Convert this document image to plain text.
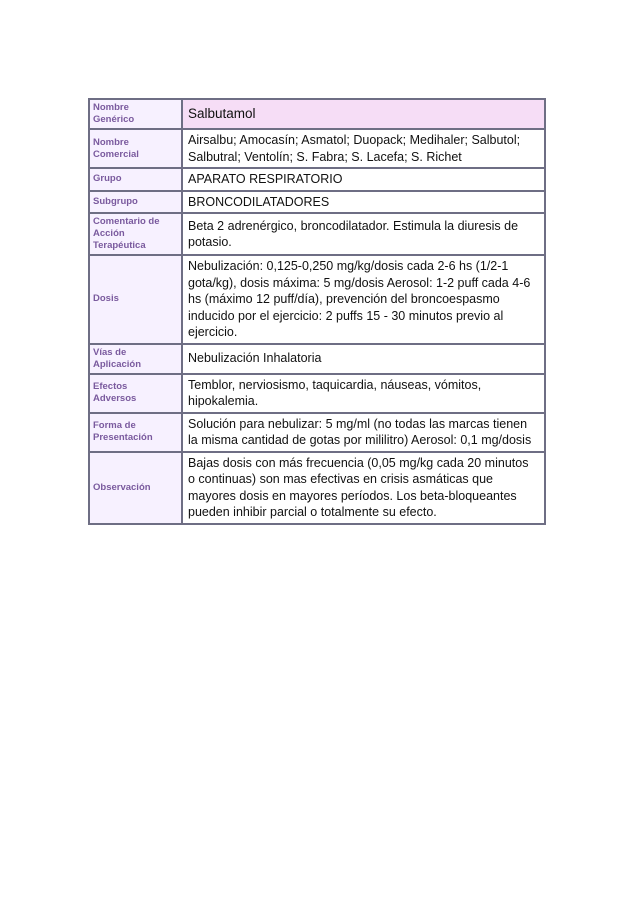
Nombre
Genérico	Salbutamol

Nombre
Comercial	Airsalbu; Amocasín; Asmatol; Duopack; Medihaler; Salbutol;
Salbutral; Ventolín; S. Fabra; S. Lacefa; S. Richet

Grupo	APARATO RESPIRATORIO

Subgrupo	BRONCODILATADORES

Comentario de
Acción
Terapéutica	Beta 2 adrenérgico, broncodilatador. Estimula la diuresis de
potasio.

Dosis	Nebulización: 0,125-0,250 mg/kg/dosis cada 2-6 hs (1/2-1
gota/kg), dosis máxima: 5 mg/dosis Aerosol: 1-2 puff cada 4-6
hs (máximo 12 puff/día), prevención del broncoespasmo
inducido por el ejercicio: 2 puffs 15 - 30 minutos previo al
ejercicio.

Vías de
Aplicación	Nebulización Inhalatoria

Efectos
Adversos	Temblor, nerviosismo, taquicardia, náuseas, vómitos,
hipokalemia.

Forma de
Presentación	Solución para nebulizar: 5 mg/ml (no todas las marcas tienen
la misma cantidad de gotas por mililitro) Aerosol: 0,1 mg/dosis

Observación	Bajas dosis con más frecuencia (0,05 mg/kg cada 20 minutos
o continuas) son mas efectivas en crisis asmáticas que
mayores dosis en mayores períodos. Los beta-bloqueantes
pueden inhibir parcial o totalmente su efecto.
